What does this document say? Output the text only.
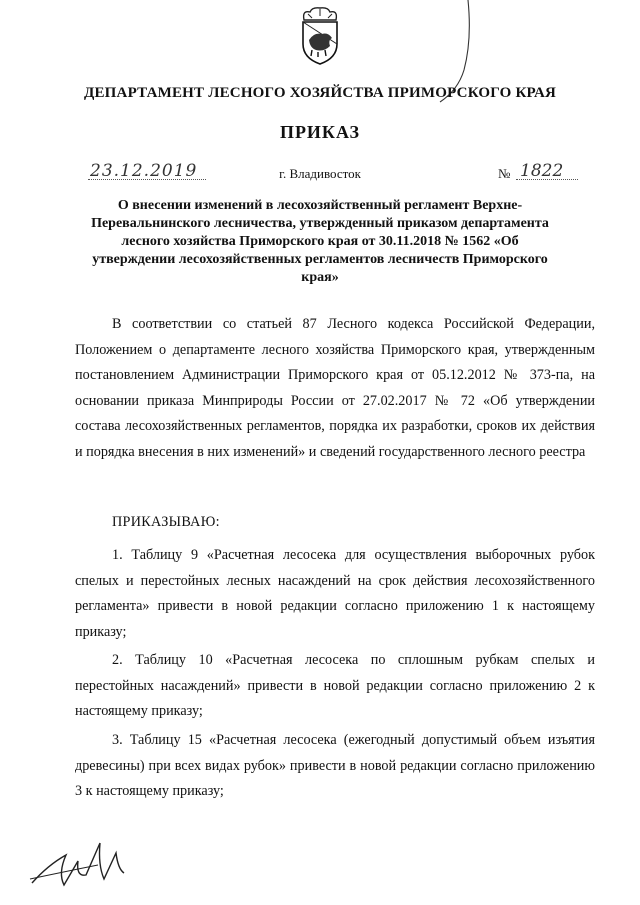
ДЕПАРТАМЕНТ ЛЕСНОГО ХОЗЯЙСТВА ПРИМОРСКОГО КРАЯ
ПРИКАЗ
23.12.2019	г. Владивосток	№ 1822
О внесении изменений в лесохозяйственный регламент Верхне-Перевальнинского лесничества, утвержденный приказом департамента лесного хозяйства Приморского края от 30.11.2018 № 1562 «Об утверждении лесохозяйственных регламентов лесничеств Приморского края»
В соответствии со статьей 87 Лесного кодекса Российской Федерации, Положением о департаменте лесного хозяйства Приморского края, утвержденным постановлением Администрации Приморского края от 05.12.2012 № 373-па, на основании приказа Минприроды России от 27.02.2017 № 72 «Об утверждении состава лесохозяйственных регламентов, порядка их разработки, сроков их действия и порядка внесения в них изменений» и сведений государственного лесного реестра
ПРИКАЗЫВАЮ:
1. Таблицу 9 «Расчетная лесосека для осуществления выборочных рубок спелых и перестойных лесных насаждений на срок действия лесохозяйственного регламента» привести в новой редакции согласно приложению 1 к настоящему приказу;
2. Таблицу 10 «Расчетная лесосека по сплошным рубкам спелых и перестойных насаждений» привести в новой редакции согласно приложению 2 к настоящему приказу;
3. Таблицу 15 «Расчетная лесосека (ежегодный допустимый объем изъятия древесины) при всех видах рубок» привести в новой редакции согласно приложению 3 к настоящему приказу;
